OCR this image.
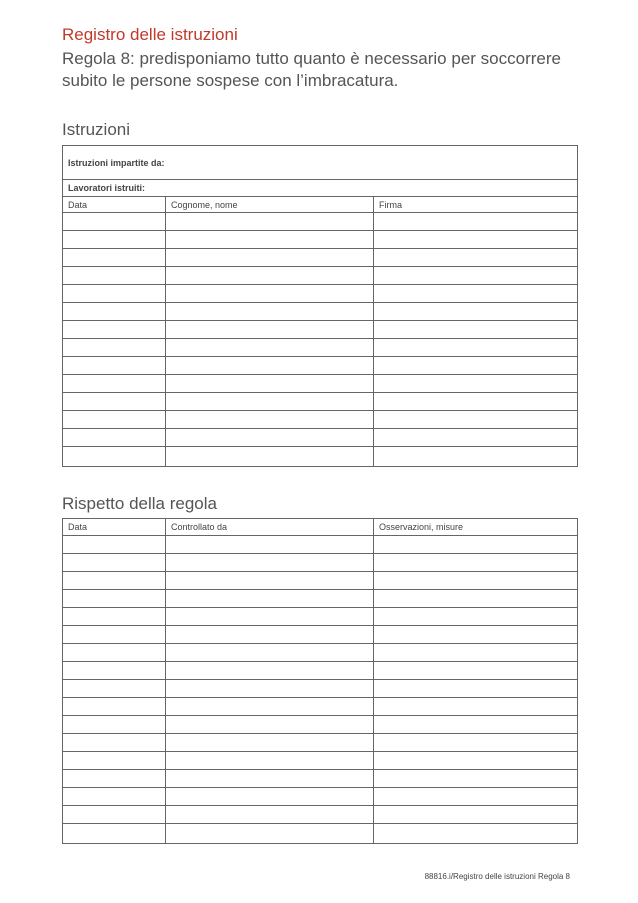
Registro delle istruzioni
Regola 8: predisponiamo tutto quanto è necessario per soccorrere subito le persone sospese con l’imbracatura.
Istruzioni
Istruzioni impartite da:		
Lavoratori istruiti:		
Data	Cognome, nome	Firma

Rispetto della regola
Data	Controllato da	Osservazioni, misure

88816.i/Registro delle istruzioni Regola 8
